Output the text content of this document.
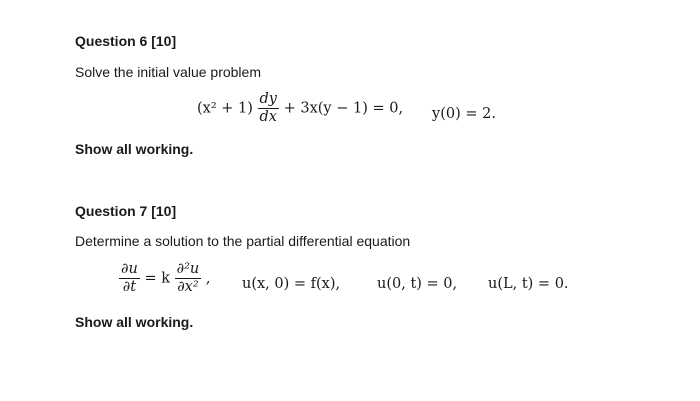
Question 6 [10]
Solve the initial value problem
$(x^2 + 1) \frac{dy}{dx} + 3x(y - 1) = 0$, y(0) = 2.
Show all working.
Question 7 [10]
Determine a solution to the partial differential equation
$\frac{\partial u}{\partial t} = k \frac{\text{∂²u}}{\text{∂x²}}$ , u(x, 0) = f(x),	u(0, t) = 0, u(L, t) = 0.
Show all working.
